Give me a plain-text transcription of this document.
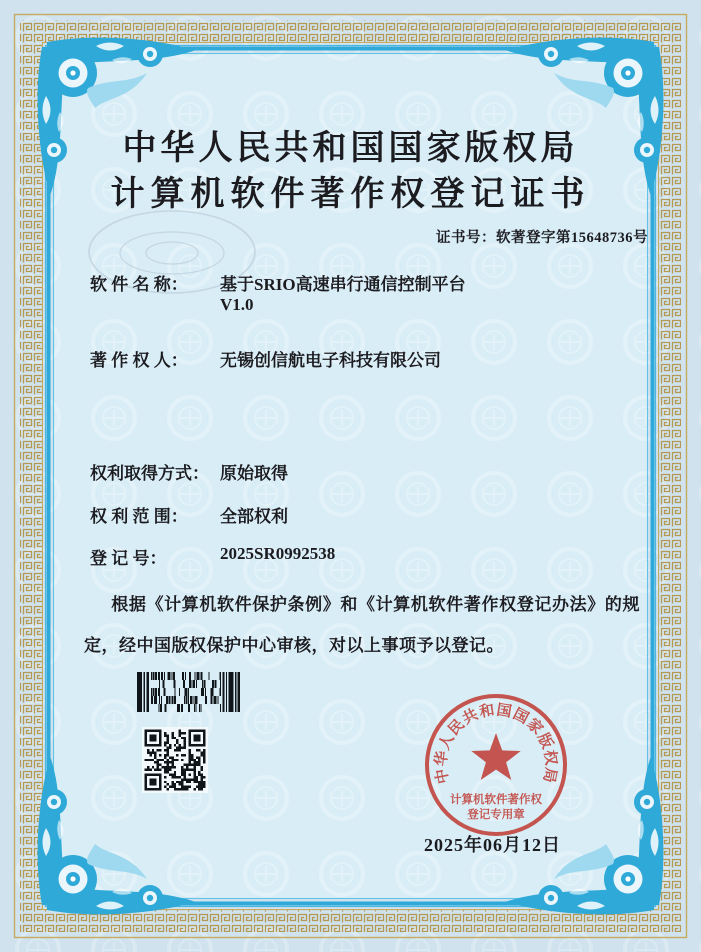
中华人民共和国国家版权局
计算机软件著作权登记证书
证书号：软著登字第15648736号
软 件 名 称： 基于SRIO高速串行通信控制平台
V1.0
著 作 权 人： 无锡创信航电子科技有限公司
权利取得方式： 原始取得
权 利 范 围： 全部权利
登 记 号：	2025SR0992538
根据《计算机软件保护条例》和《计算机软件著作权登记办法》的规定，经中国版权保护中心审核，对以上事项予以登记。
中华人民共和国国家版权局
计算机软件著作权
登记专用章
2025年06月12日
